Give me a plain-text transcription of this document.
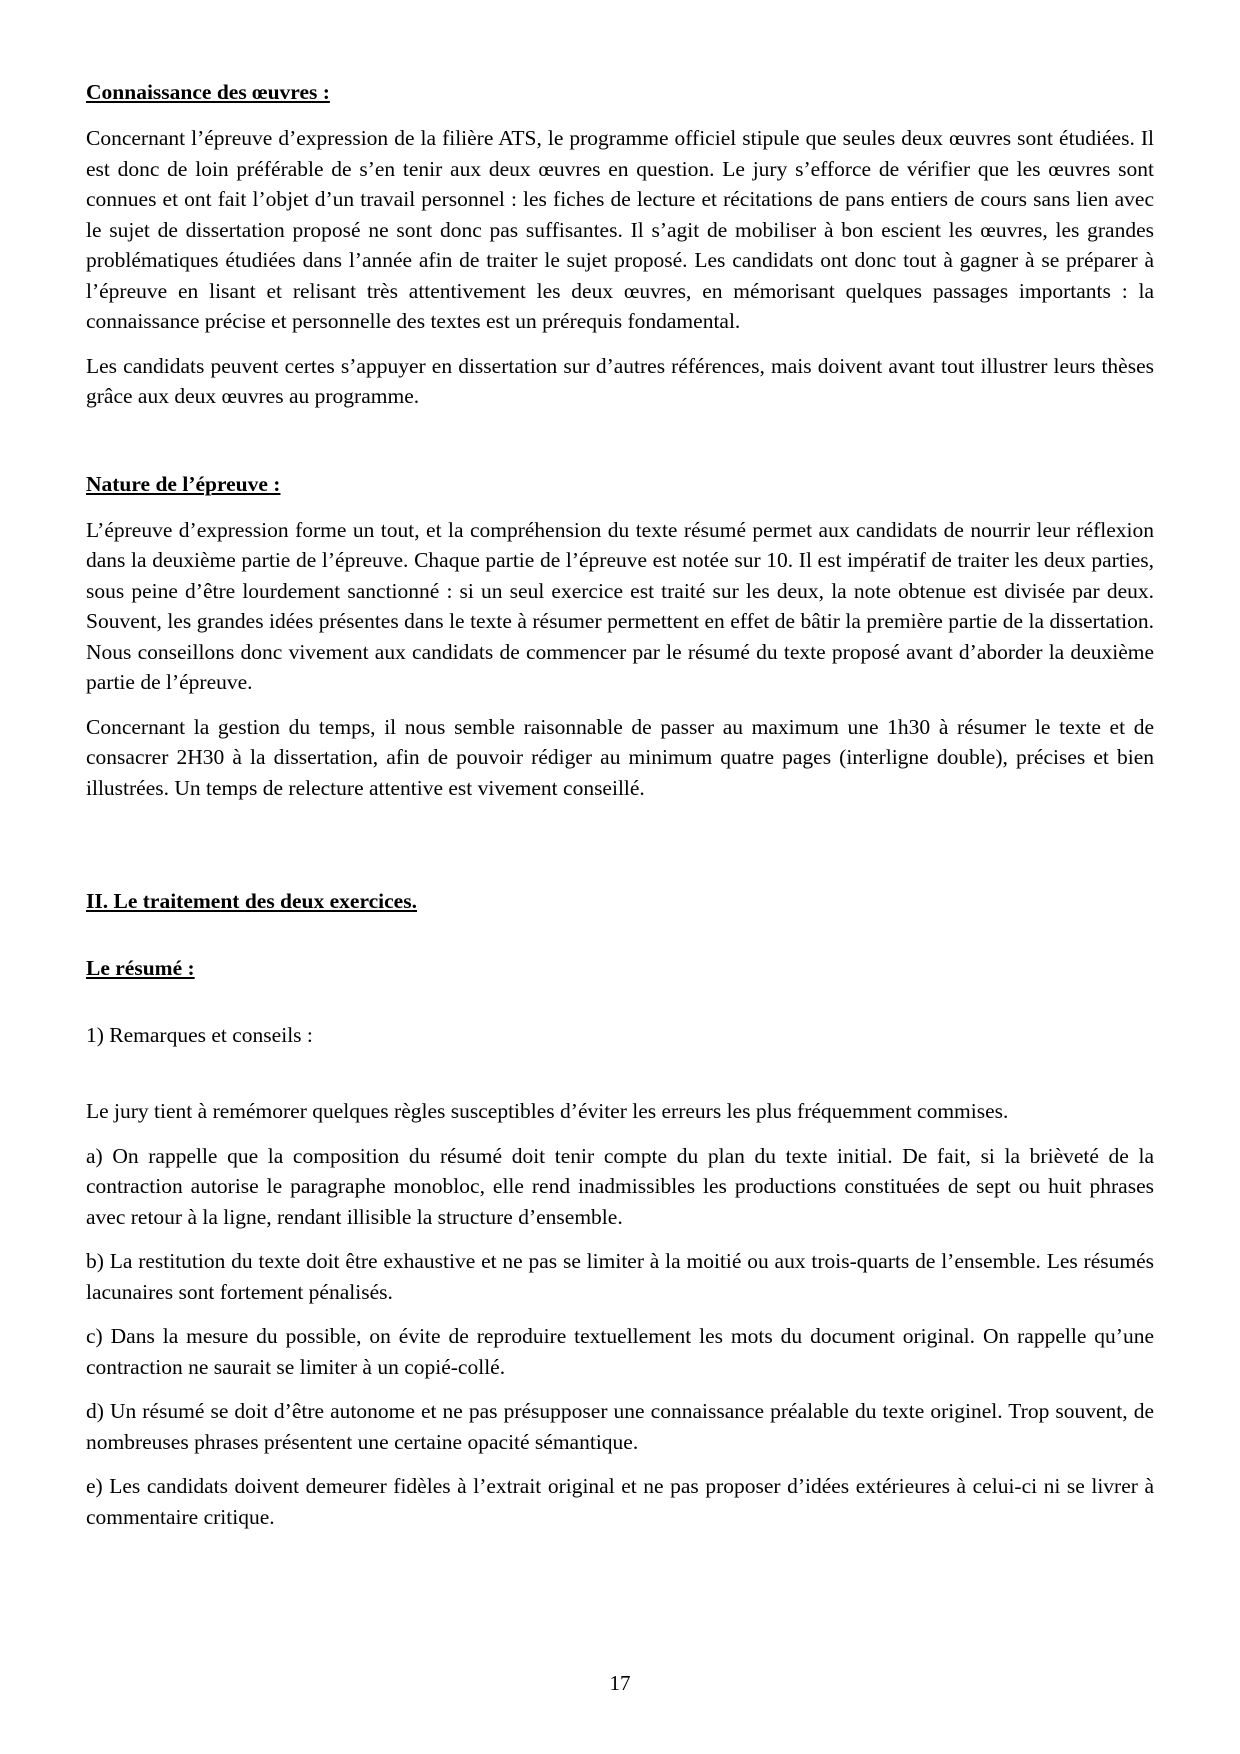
Connaissance des œuvres :

Concernant l’épreuve d’expression de la filière ATS, le programme officiel stipule que seules deux œuvres sont étudiées. Il est donc de loin préférable de s’en tenir aux deux œuvres en question. Le jury s’efforce de vérifier que les œuvres sont connues et ont fait l’objet d’un travail personnel : les fiches de lecture et récitations de pans entiers de cours sans lien avec le sujet de dissertation proposé ne sont donc pas suffisantes. Il s’agit de mobiliser à bon escient les œuvres, les grandes problématiques étudiées dans l’année afin de traiter le sujet proposé. Les candidats ont donc tout à gagner à se préparer à l’épreuve en lisant et relisant très attentivement les deux œuvres, en mémorisant quelques passages importants : la connaissance précise et personnelle des textes est un prérequis fondamental.

Les candidats peuvent certes s’appuyer en dissertation sur d’autres références, mais doivent avant tout illustrer leurs thèses grâce aux deux œuvres au programme.

Nature de l’épreuve :

L’épreuve d’expression forme un tout, et la compréhension du texte résumé permet aux candidats de nourrir leur réflexion dans la deuxième partie de l’épreuve. Chaque partie de l’épreuve est notée sur 10. Il est impératif de traiter les deux parties, sous peine d’être lourdement sanctionné : si un seul exercice est traité sur les deux, la note obtenue est divisée par deux. Souvent, les grandes idées présentes dans le texte à résumer permettent en effet de bâtir la première partie de la dissertation. Nous conseillons donc vivement aux candidats de commencer par le résumé du texte proposé avant d’aborder la deuxième partie de l’épreuve.

Concernant la gestion du temps, il nous semble raisonnable de passer au maximum une 1h30 à résumer le texte et de consacrer 2H30 à la dissertation, afin de pouvoir rédiger au minimum quatre pages (interligne double), précises et bien illustrées. Un temps de relecture attentive est vivement conseillé.

II. Le traitement des deux exercices.
Le résumé :

1) Remarques et conseils :

Le jury tient à remémorer quelques règles susceptibles d’éviter les erreurs les plus fréquemment commises.

a) On rappelle que la composition du résumé doit tenir compte du plan du texte initial. De fait, si la brièveté de la contraction autorise le paragraphe monobloc, elle rend inadmissibles les productions constituées de sept ou huit phrases avec retour à la ligne, rendant illisible la structure d’ensemble.

b) La restitution du texte doit être exhaustive et ne pas se limiter à la moitié ou aux trois-quarts de l’ensemble. Les résumés lacunaires sont fortement pénalisés.

c) Dans la mesure du possible, on évite de reproduire textuellement les mots du document original. On rappelle qu’une contraction ne saurait se limiter à un copié-collé.

d) Un résumé se doit d’être autonome et ne pas présupposer une connaissance préalable du texte originel. Trop souvent, de nombreuses phrases présentent une certaine opacité sémantique.

e) Les candidats doivent demeurer fidèles à l’extrait original et ne pas proposer d’idées extérieures à celui-ci ni se livrer à commentaire critique.

17
